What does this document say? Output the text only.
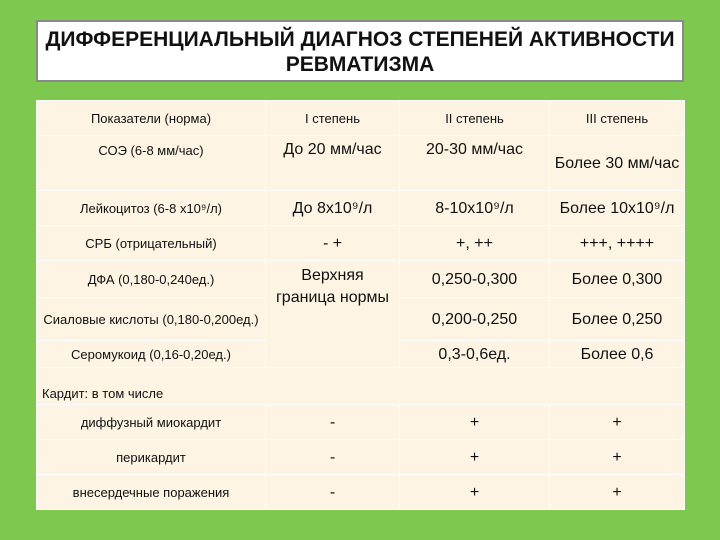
ДИФФЕРЕНЦИАЛЬНЫЙ ДИАГНОЗ СТЕПЕНЕЙ АКТИВНОСТИ
РЕВМАТИЗМА
Показатели (норма)	I степень	II степень	III степень
СОЭ (6-8 мм/час)	До 20 мм/час	20-30 мм/час	Более 30 мм/час
Лейкоцитоз (6-8 х10⁹/л)	До 8х10⁹/л	8-10х10⁹/л	Более 10х10⁹/л
СРБ (отрицательный)	- +	+, ++	+++, ++++
ДФА (0,180-0,240ед.)	Верхняя граница нормы	0,250-0,300	Более 0,300
Сиаловые кислоты (0,180-0,200ед.)		0,200-0,250	Более 0,250
Серомукоид (0,16-0,20ед.)		0,3-0,6ед.	Более 0,6
Кардит: в том числе			
диффузный миокардит	-	+	+
перикардит	-	+	+
внесердечные поражения	-	+	+
